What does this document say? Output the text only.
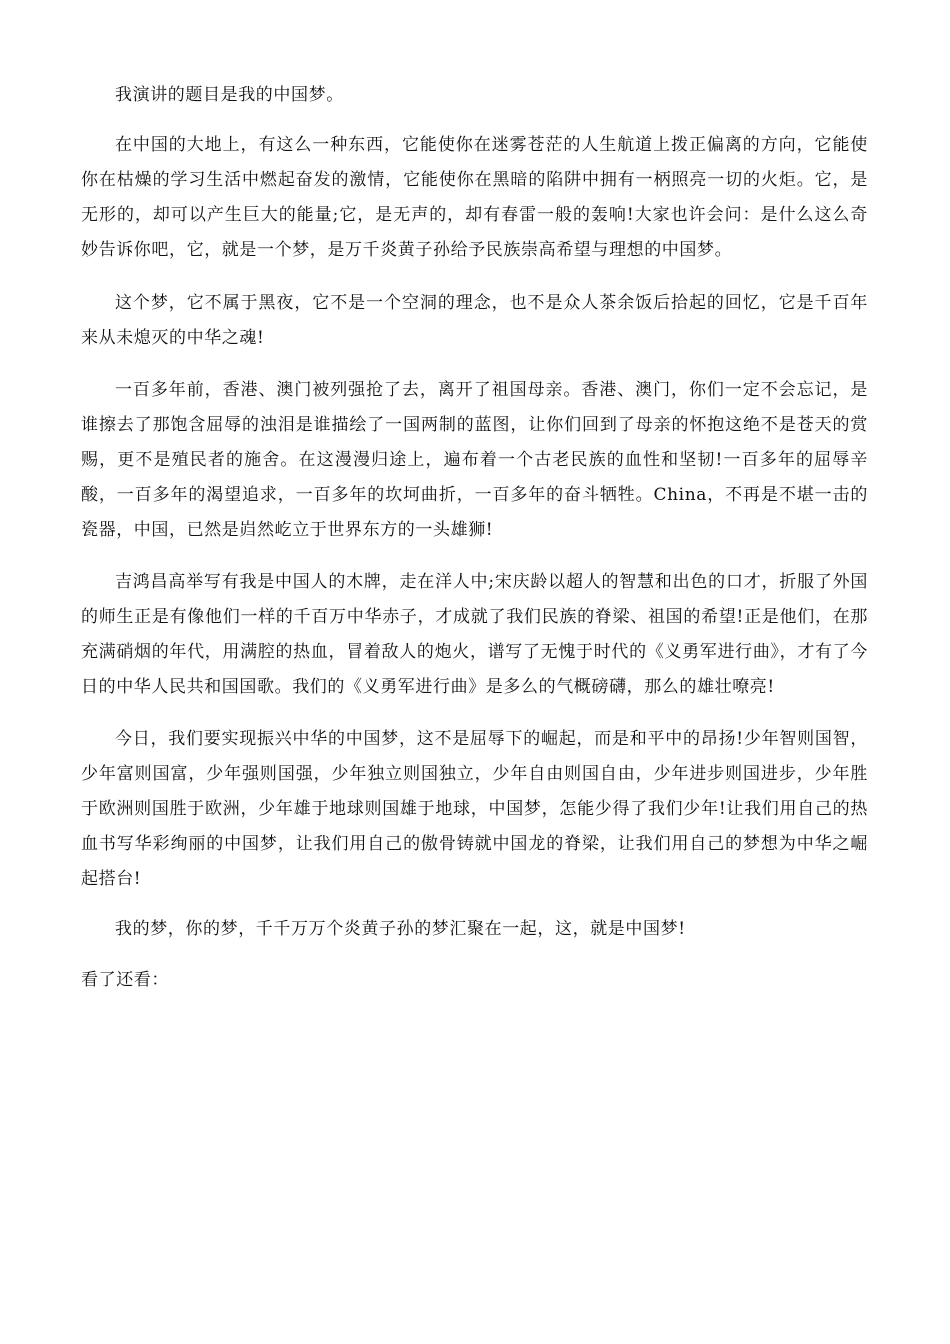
我演讲的题目是我的中国梦。

在中国的大地上，有这么一种东西，它能使你在迷雾苍茫的人生航道上拨正偏离的方向，它能使你在枯燥的学习生活中燃起奋发的激情，它能使你在黑暗的陷阱中拥有一柄照亮一切的火炬。它，是无形的，却可以产生巨大的能量;它，是无声的，却有春雷一般的轰响!大家也许会问：是什么这么奇妙告诉你吧，它，就是一个梦，是万千炎黄子孙给予民族崇高希望与理想的中国梦。

这个梦，它不属于黑夜，它不是一个空洞的理念，也不是众人茶余饭后拾起的回忆，它是千百年来从未熄灭的中华之魂!

一百多年前，香港、澳门被列强抢了去，离开了祖国母亲。香港、澳门，你们一定不会忘记，是谁擦去了那饱含屈辱的浊泪是谁描绘了一国两制的蓝图，让你们回到了母亲的怀抱这绝不是苍天的赏赐，更不是殖民者的施舍。在这漫漫归途上，遍布着一个古老民族的血性和坚韧!一百多年的屈辱辛酸，一百多年的渴望追求，一百多年的坎坷曲折，一百多年的奋斗牺牲。China，不再是不堪一击的瓷器，中国，已然是岿然屹立于世界东方的一头雄狮!

吉鸿昌高举写有我是中国人的木牌，走在洋人中;宋庆龄以超人的智慧和出色的口才，折服了外国的师生正是有像他们一样的千百万中华赤子，才成就了我们民族的脊梁、祖国的希望!正是他们，在那充满硝烟的年代，用满腔的热血，冒着敌人的炮火，谱写了无愧于时代的《义勇军进行曲》，才有了今日的中华人民共和国国歌。我们的《义勇军进行曲》是多么的气概磅礴，那么的雄壮嘹亮!

今日，我们要实现振兴中华的中国梦，这不是屈辱下的崛起，而是和平中的昂扬!少年智则国智，少年富则国富，少年强则国强，少年独立则国独立，少年自由则国自由，少年进步则国进步，少年胜于欧洲则国胜于欧洲，少年雄于地球则国雄于地球，中国梦，怎能少得了我们少年!让我们用自己的热血书写华彩绚丽的中国梦，让我们用自己的傲骨铸就中国龙的脊梁，让我们用自己的梦想为中华之崛起搭台!

我的梦，你的梦，千千万万个炎黄子孙的梦汇聚在一起，这，就是中国梦!

看了还看：
